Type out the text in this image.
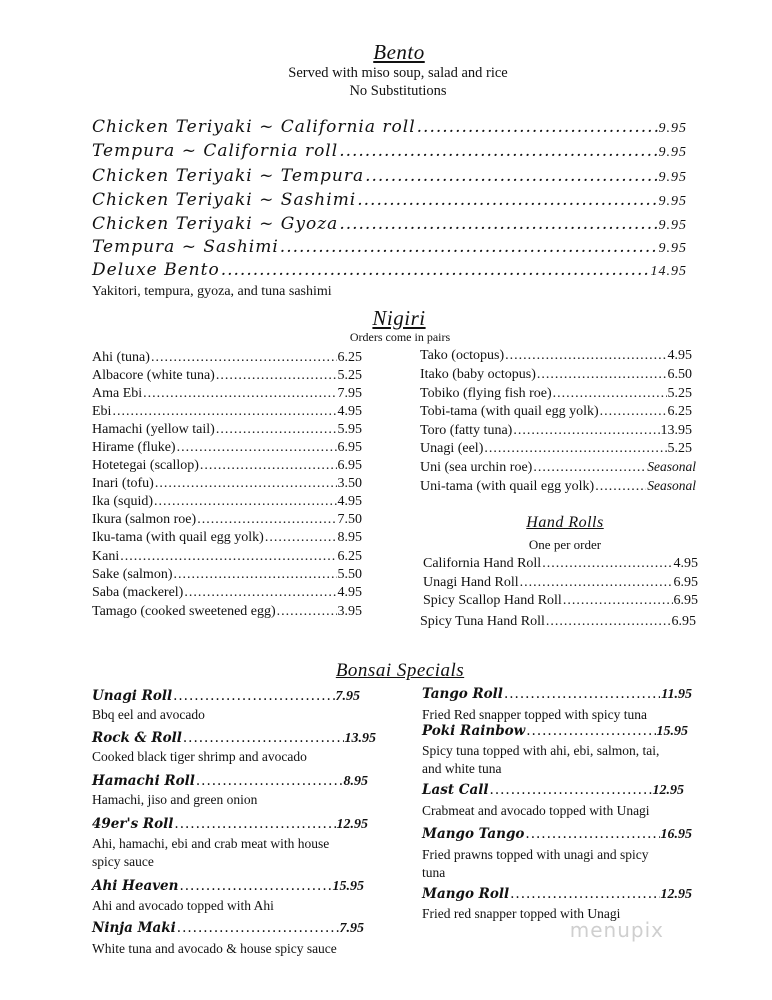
Bento
Served with miso soup, salad and rice
No Substitutions
Chicken Teriyaki ~ California roll .....	9.95
Tempura ~ California roll .....	9.95
Chicken Teriyaki ~ Tempura .....	9.95
Chicken Teriyaki ~ Sashimi .....	9.95
Chicken Teriyaki ~ Gyoza .....	9.95
Tempura ~ Sashimi .....	9.95
Deluxe Bento .....	14.95
Yakitori, tempura, gyoza, and tuna sashimi
Nigiri
Orders come in pairs
Ahi (tuna) .....	6.25
Albacore (white tuna) .....	5.25
Ama Ebi .....	7.95
Ebi .....	4.95
Hamachi (yellow tail) .....	5.95
Hirame (fluke) .....	6.95
Hotetegai (scallop) .....	6.95
Inari (tofu) .....	3.50
Ika (squid) .....	4.95
Ikura (salmon roe) .....	7.50
Iku-tama (with quail egg yolk) .....	8.95
Kani .....	6.25
Sake (salmon) .....	5.50
Saba (mackerel) .....	4.95
Tamago (cooked sweetened egg) .....	3.95
Tako (octopus) .....	4.95
Itako (baby octopus) .....	6.50
Tobiko (flying fish roe) .....	5.25
Tobi-tama (with quail egg yolk) .....	6.25
Toro (fatty tuna) .....	13.95
Unagi (eel) .....	5.25
Uni (sea urchin roe) .....	Seasonal
Uni-tama (with quail egg yolk) .....	Seasonal
Hand Rolls
One per order
California Hand Roll .....	4.95
Unagi Hand Roll .....	6.95
Spicy Scallop Hand Roll .....	6.95
Spicy Tuna Hand Roll .....	6.95
Bonsai Specials
Unagi Roll .....	7.95
Bbq eel and avocado
Rock & Roll .....	13.95
Cooked black tiger shrimp and avocado
Hamachi Roll .....	8.95
Hamachi, jiso and green onion
49er's Roll .....	12.95
Ahi, hamachi, ebi and crab meat with house
spicy sauce
Ahi Heaven .....	15.95
Ahi and avocado topped with Ahi
Ninja Maki .....	7.95
White tuna and avocado & house spicy sauce
Tango Roll .....	11.95
Fried Red snapper topped with spicy tuna
Poki Rainbow .....	15.95
Spicy tuna topped with ahi, ebi, salmon, tai,
and white tuna
Last Call .....	12.95
Crabmeat and avocado topped with Unagi
Mango Tango .....	16.95
Fried prawns topped with unagi and spicy
tuna
Mango Roll .....	12.95
Fried red snapper topped with Unagi
menupix
